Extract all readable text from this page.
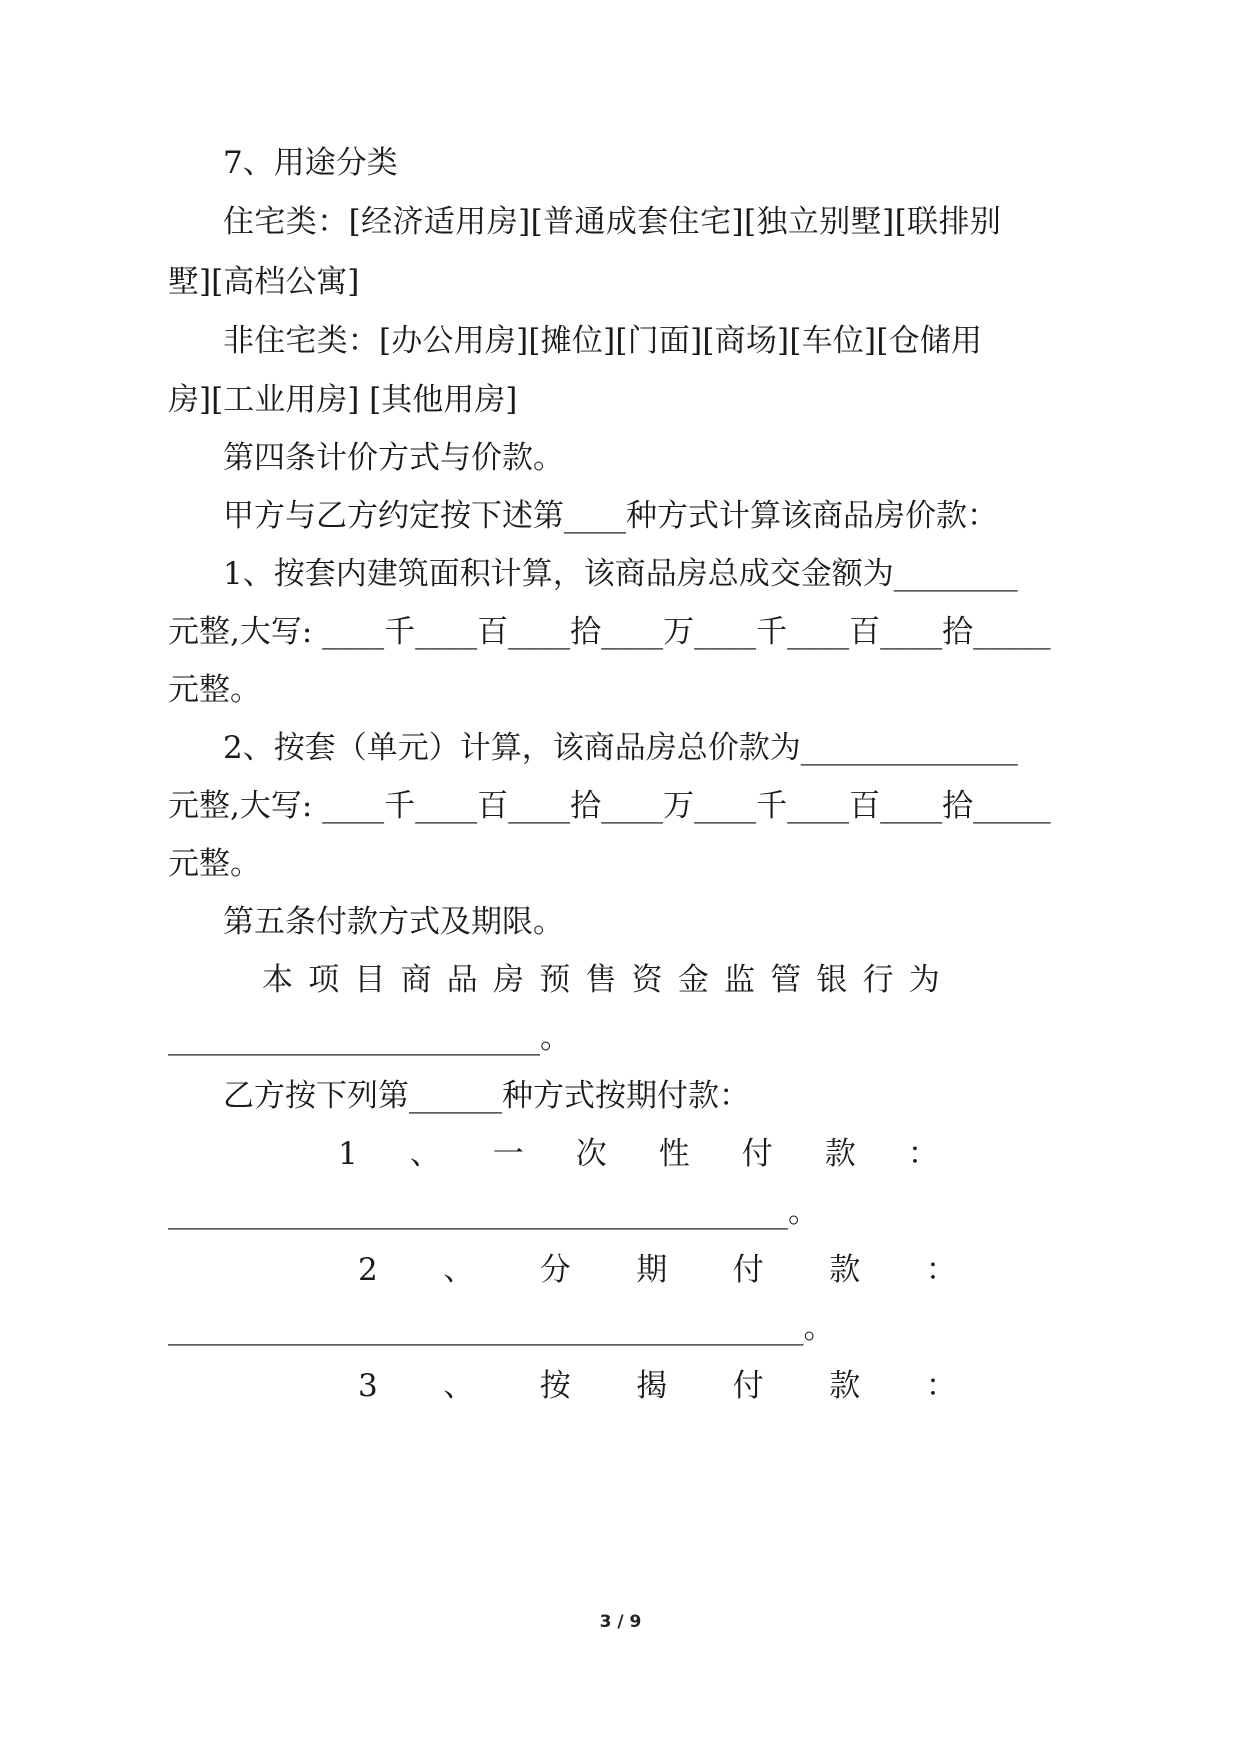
7、用途分类

住宅类：[经济适用房][普通成套住宅][独立别墅][联排别

墅][高档公寓]

非住宅类：[办公用房][摊位][门面][商场][车位][仓储用

房][工业用房] [其他用房]

第四条计价方式与价款。

甲方与乙方约定按下述第____种方式计算该商品房价款：

1、按套内建筑面积计算，该商品房总成交金额为________

元整,大写: ____千____百____拾____万____千____百____拾_____

元整。

2、按套（单元）计算，该商品房总价款为______________

元整,大写: ____千____百____拾____万____千____百____拾_____

元整。

第五条付款方式及期限。

本项目商品房预售资金监管银行为

________________________。

乙方按下列第______种方式按期付款：

1、一次性付款：

________________________________________。

2、分期付款：

_________________________________________。

3、按揭付款：

3 / 9
